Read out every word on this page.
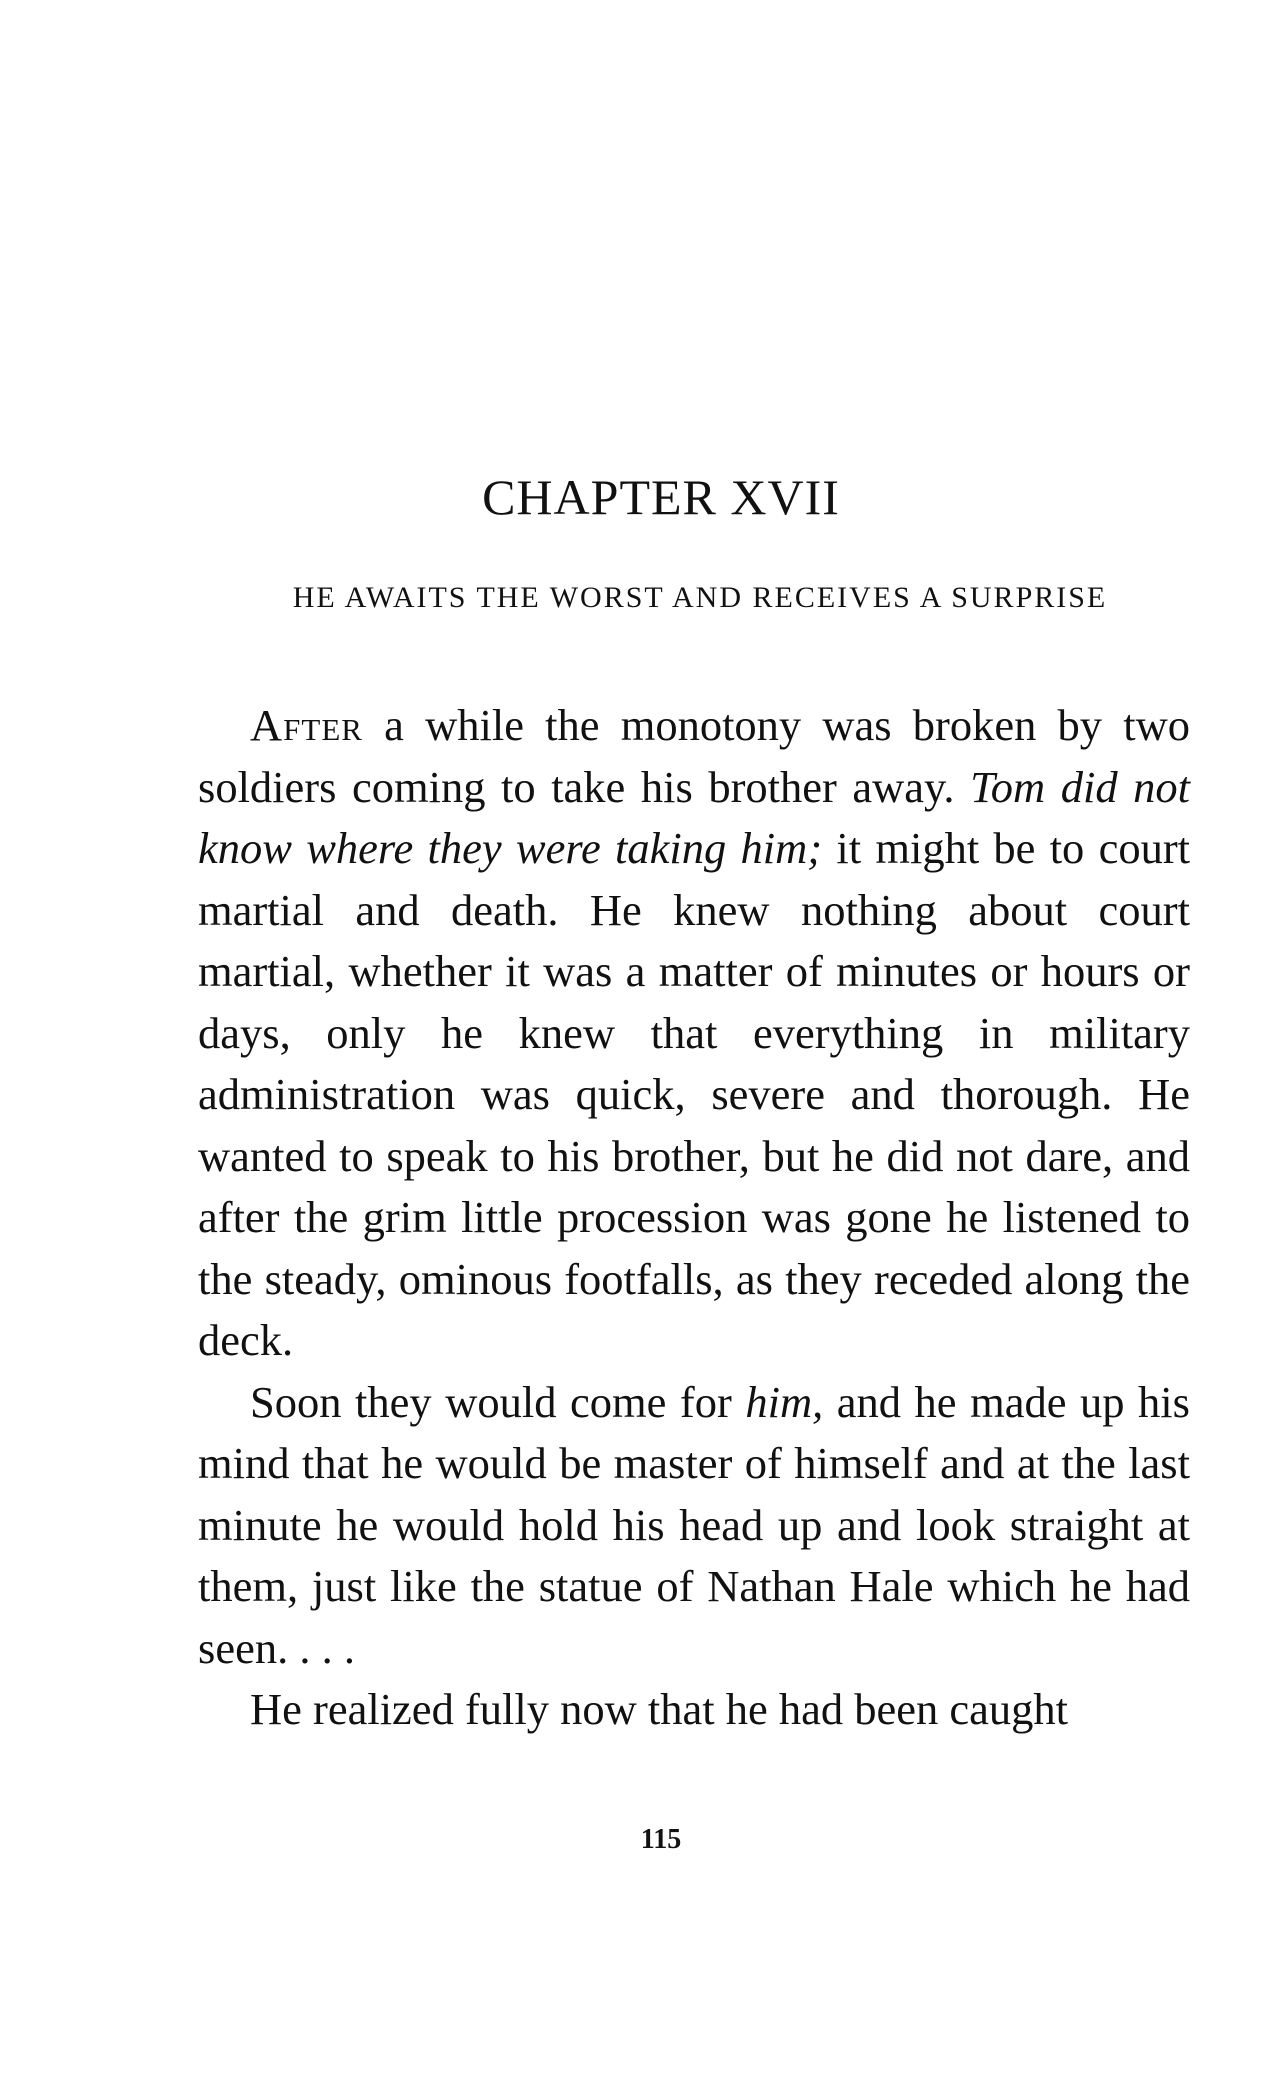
CHAPTER XVII
HE AWAITS THE WORST AND RECEIVES A SURPRISE

After a while the monotony was broken by two soldiers coming to take his brother away. Tom did not know where they were taking him; it might be to court martial and death. He knew nothing about court martial, whether it was a matter of minutes or hours or days, only he knew that everything in military administration was quick, severe and thorough. He wanted to speak to his brother, but he did not dare, and after the grim little procession was gone he listened to the steady, ominous footfalls, as they receded along the deck.

Soon they would come for him, and he made up his mind that he would be master of himself and at the last minute he would hold his head up and look straight at them, just like the statue of Nathan Hale which he had seen. . . .

He realized fully now that he had been caught

115
